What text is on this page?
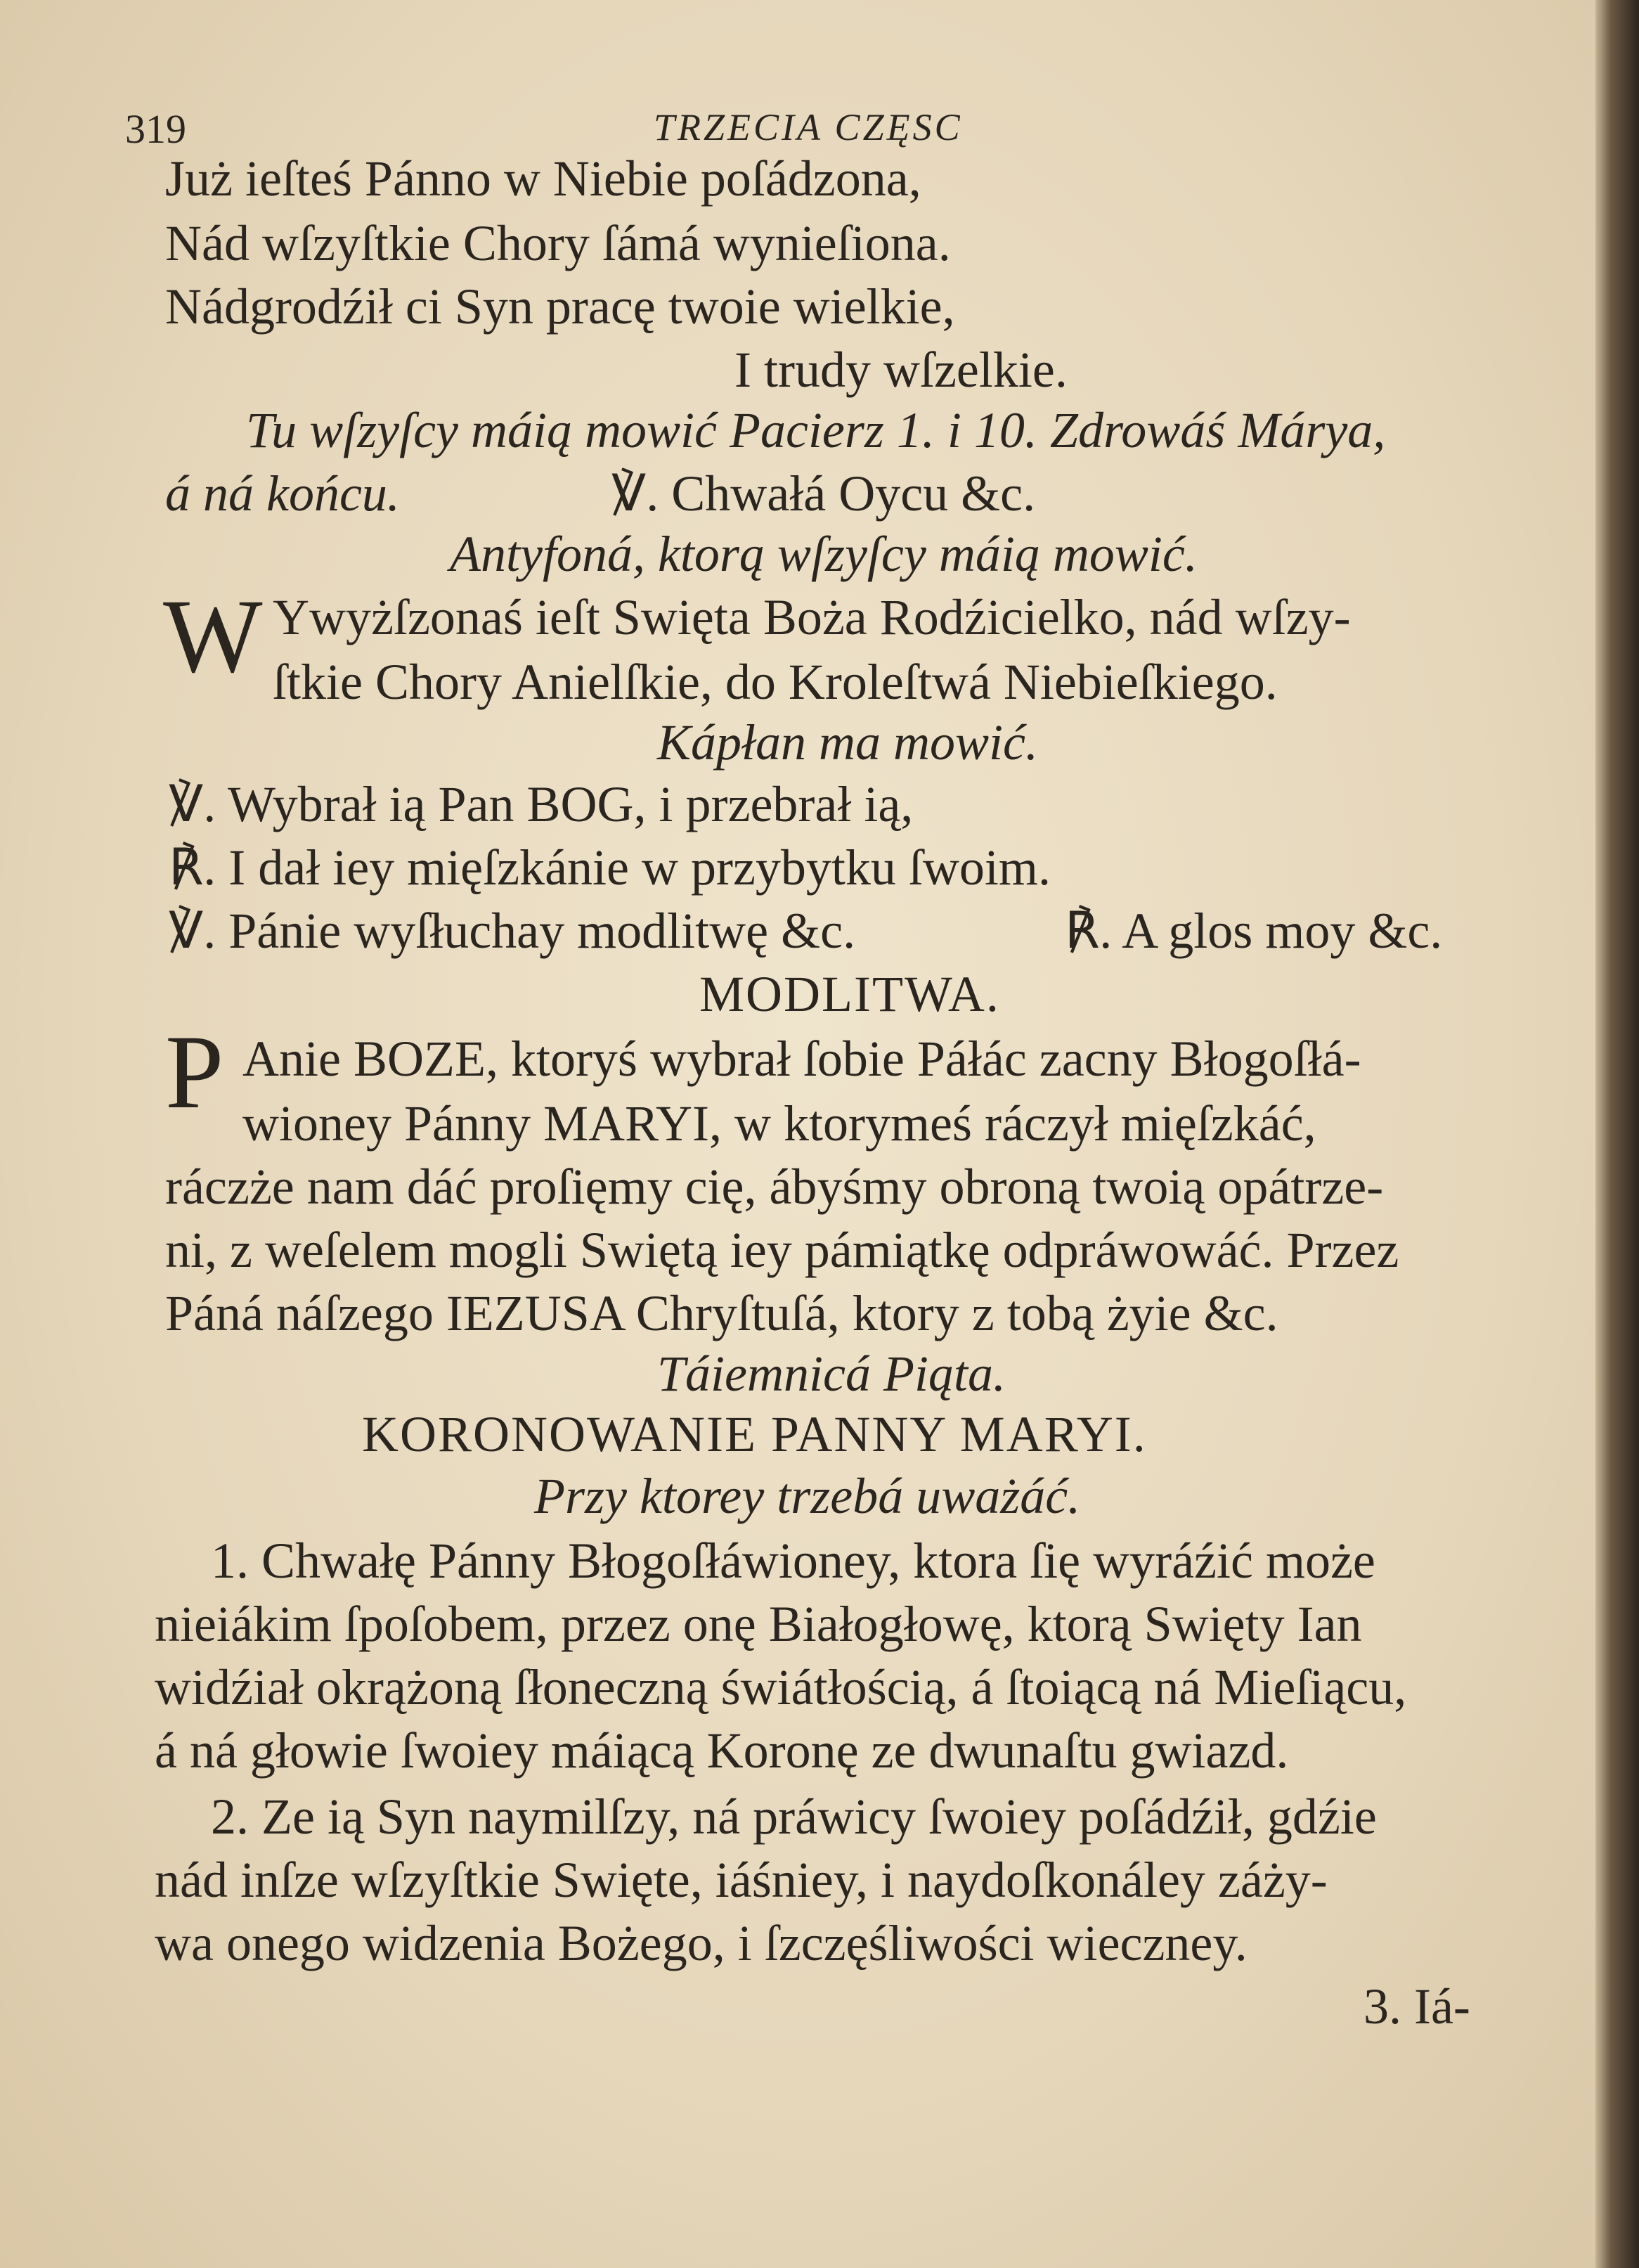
319	TRZECIA CZĘSC
Już ieſteś Pánno w Niebie poſádzona,
Nád wſzyſtkie Chory ſámá wynieſiona.
Nádgrodźił ci Syn pracę twoie wielkie,
I trudy wſzelkie.
Tu wſzyſcy máią mowić Pacierz 1. i 10. Zdrowáś Márya,
á ná końcu.	℣. Chwałá Oycu &c.
Antyfoná, ktorą wſzyſcy máią mowić.
W Ywyżſzonaś ieſt Swięta Boża Rodźicielko, nád wſzy-
ſtkie Chory Anielſkie, do Kroleſtwá Niebieſkiego.
Kápłan ma mowić.
℣. Wybrał ią Pan BOG, i przebrał ią,
℟. I dał iey mięſzkánie w przybytku ſwoim.
℣. Pánie wyſłuchay modlitwę &c.	℟. A glos moy &c.
MODLITWA.
P Anie BOZE, ktoryś wybrał ſobie Páłác zacny Błogoſłá-
wioney Pánny MARYI, w ktorymeś ráczył mięſzkáć,
ráczże nam dáć proſięmy cię, ábyśmy obroną twoią opátrze-
ni, z weſelem mogli Swiętą iey pámiątkę odpráwowáć. Przez
Páná náſzego IEZUSA Chryſtuſá, ktory z tobą żyie &c.
Táiemnicá Piąta.
KORONOWANIE PANNY MARYI.
Przy ktorey trzebá uważáć.
1. Chwałę Pánny Błogoſłáwioney, ktora ſię wyráźić może
nieiákim ſpoſobem, przez onę Białogłowę, ktorą Swięty Ian
widźiał okrążoną ſłoneczną świátłością, á ſtoiącą ná Mieſiącu,
á ná głowie ſwoiey máiącą Koronę ze dwunaſtu gwiazd.
2. Ze ią Syn naymilſzy, ná práwicy ſwoiey poſádźił, gdźie
nád inſze wſzyſtkie Swięte, iáśniey, i naydoſkonáley záży-
wa onego widzenia Bożego, i ſzczęśliwości wieczney.
3. Iá-
